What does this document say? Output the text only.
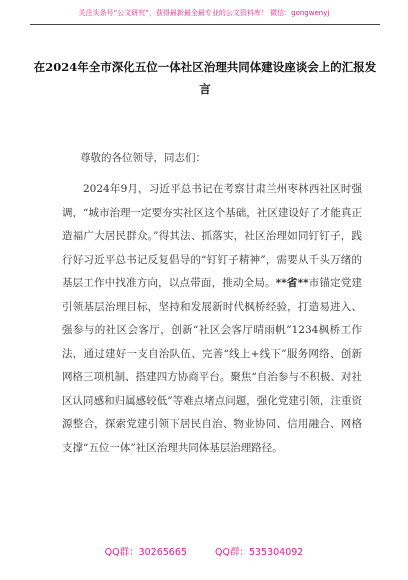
关注头条号“公文研究”，获得最新最全最专业的公文资料库！ 微信：gongwenyj
在2024年全市深化五位一体社区治理共同体建设座谈会上的汇报发言
尊敬的各位领导，同志们：
2024年9月，习近平总书记在考察甘肃兰州枣林西社区时强调，“城市治理一定要夯实社区这个基础，社区建设好了才能真正造福广大居民群众。”得其法、抓落实，社区治理如同钉钉子，践行好习近平总书记反复倡导的“钉钉子精神”，需要从千头万绪的基层工作中找准方向，以点带面，推动全局。**省**市锚定党建引领基层治理目标，坚持和发展新时代枫桥经验，打造易进入、强参与的社区会客厅，创新“社区会客厅晴雨帆”1234枫桥工作法，通过建好一支自治队伍、完善“线上+线下”服务网络、创新网格三项机制、搭建四方协商平台。聚焦“自治参与不积极、对社区认同感和归属感较低”等难点堵点问题，强化党建引领，注重资源整合，探索党建引领下居民自治、物业协同、信用融合、网格支撑“五位一体”社区治理共同体基层治理路径。
QQ群：30265665	QQ群：535304092
